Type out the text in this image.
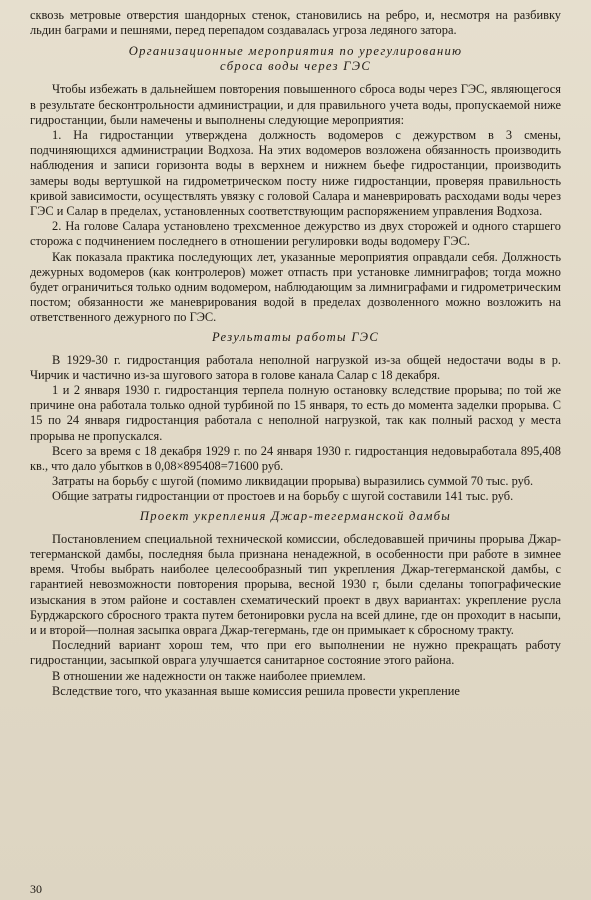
сквозь метровые отверстия шандорных стенок, становились на ребро, и, несмотря на разбивку льдин баграми и пешнями, перед перепадом создавалась угроза ледяного затора.

Организационные мероприятия по урегулированию
сброса воды через ГЭС

Чтобы избежать в дальнейшем повторения повышенного сброса воды через ГЭС, являющегося в результате бесконтрольности администрации, и для правильного учета воды, пропускаемой ниже гидростанции, были намечены и выполнены следующие мероприятия:

1. На гидростанции утверждена должность водомеров с дежурством в 3 смены, подчиняющихся администрации Водхоза. На этих водомеров возложена обязанность производить наблюдения и записи горизонта воды в верхнем и нижнем бьефе гидростанции, производить замеры воды вертушкой на гидрометрическом посту ниже гидростанции, проверяя правильность кривой зависимости, осуществлять увязку с головой Салара и маневрировать расходами воды через ГЭС и Салар в пределах, установленных соответствующим распоряжением управления Водхоза.

2. На голове Салара установлено трехсменное дежурство из двух сторожей и одного старшего сторожа с подчинением последнего в отношении регулировки воды водомеру ГЭС.

Как показала практика последующих лет, указанные мероприятия оправдали себя. Должность дежурных водомеров (как контролеров) может отпасть при установке лимниграфов; тогда можно будет ограничиться только одним водомером, наблюдающим за лимниграфами и гидрометрическим постом; обязанности же маневрирования водой в пределах дозволенного можно возложить на ответственного дежурного по ГЭС.

Результаты работы ГЭС

В 1929-30 г. гидростанция работала неполной нагрузкой из-за общей недостачи воды в р. Чирчик и частично из-за шугового затора в голове канала Салар с 18 декабря.

1 и 2 января 1930 г. гидростанция терпела полную остановку вследствие прорыва; по той же причине она работала только одной турбиной по 15 января, то есть до момента заделки прорыва. С 15 по 24 января гидростанция работала с неполной нагрузкой, так как полный расход у места прорыва не пропускался.

Всего за время с 18 декабря 1929 г. по 24 января 1930 г. гидростанция недовыработала 895,408 кв., что дало убытков в 0,08×895408=71600 руб.

Затраты на борьбу с шугой (помимо ликвидации прорыва) выразились суммой 70 тыс. руб.

Общие затраты гидростанции от простоев и на борьбу с шугой составили 141 тыс. руб.

Проект укрепления Джар-тегерманской дамбы

Постановлением специальной технической комиссии, обследовавшей причины прорыва Джар-тегерманской дамбы, последняя была признана ненадежной, в особенности при работе в зимнее время. Чтобы выбрать наиболее целесообразный тип укрепления Джар-тегерманской дамбы, с гарантией невозможности повторения прорыва, весной 1930 г, были сделаны топографические изыскания в этом районе и составлен схематический проект в двух вариантах: укрепление русла Бурджарского сбросного тракта путем бетонировки русла на всей длине, где он проходит в насыпи, и и второй—полная засыпка оврага Джар-тегермань, где он примыкает к сбросному тракту.

Последний вариант хорош тем, что при его выполнении не нужно прекращать работу гидростанции, засыпкой оврага улучшается санитарное состояние этого района.

В отношении же надежности он также наиболее приемлем.

Вследствие того, что указанная выше комиссия решила провести укрепление

30
